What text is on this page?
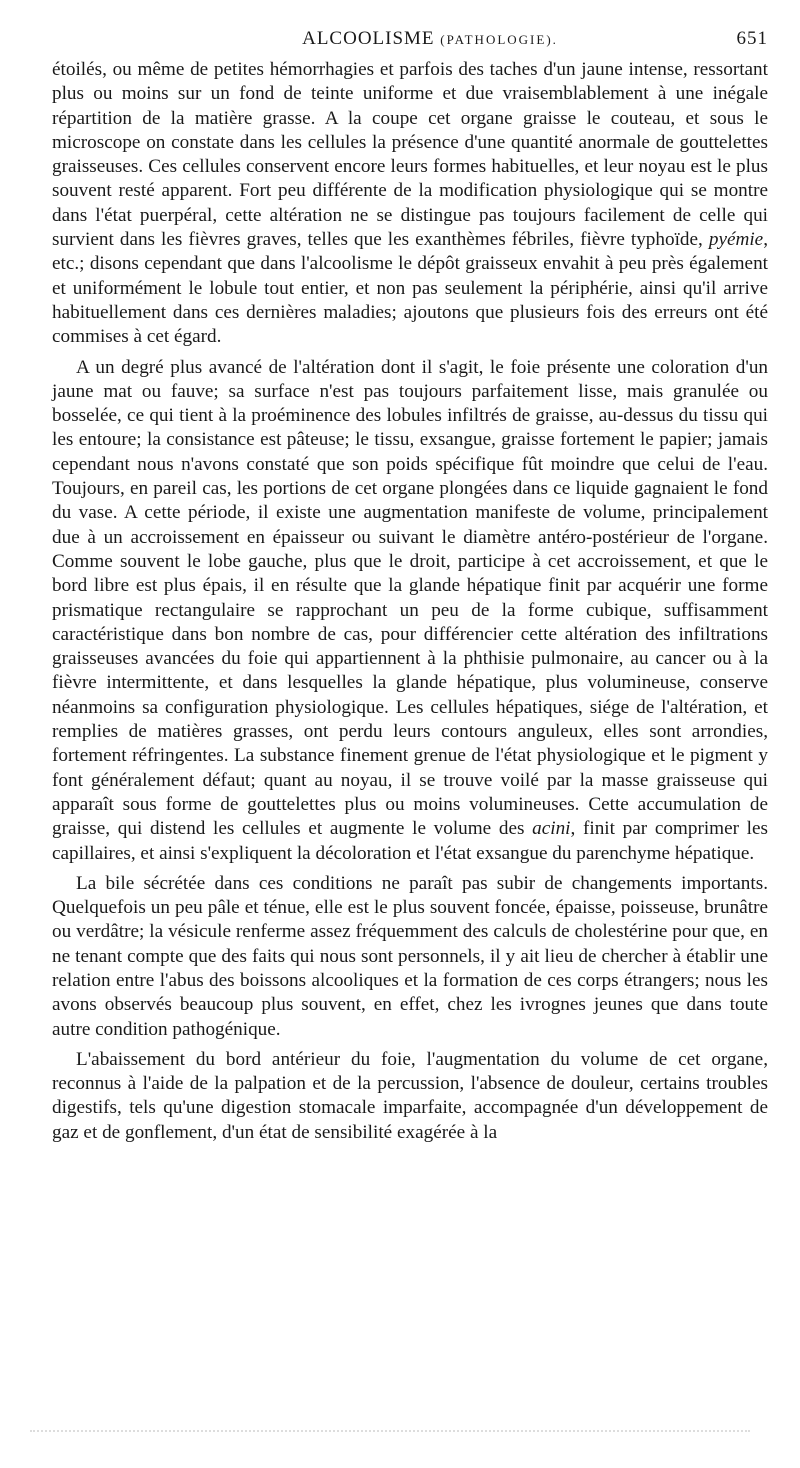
ALCOOLISME (PATHOLOGIE).	651

étoilés, ou même de petites hémorrhagies et parfois des taches d'un jaune intense, ressortant plus ou moins sur un fond de teinte uniforme et due vraisemblablement à une inégale répartition de la matière grasse. A la coupe cet organe graisse le couteau, et sous le microscope on constate dans les cellules la présence d'une quantité anormale de gouttelettes graisseuses. Ces cellules conservent encore leurs formes habituelles, et leur noyau est le plus souvent resté apparent. Fort peu différente de la modification physiologique qui se montre dans l'état puerpéral, cette altération ne se distingue pas toujours facilement de celle qui survient dans les fièvres graves, telles que les exanthèmes fébriles, fièvre typhoïde, pyémie, etc.; disons cependant que dans l'alcoolisme le dépôt graisseux envahit à peu près également et uniformément le lobule tout entier, et non pas seulement la périphérie, ainsi qu'il arrive habituellement dans ces dernières maladies; ajoutons que plusieurs fois des erreurs ont été commises à cet égard.

A un degré plus avancé de l'altération dont il s'agit, le foie présente une coloration d'un jaune mat ou fauve; sa surface n'est pas toujours parfaitement lisse, mais granulée ou bosselée, ce qui tient à la proéminence des lobules infiltrés de graisse, au-dessus du tissu qui les entoure; la consistance est pâteuse; le tissu, exsangue, graisse fortement le papier; jamais cependant nous n'avons constaté que son poids spécifique fût moindre que celui de l'eau. Toujours, en pareil cas, les portions de cet organe plongées dans ce liquide gagnaient le fond du vase. A cette période, il existe une augmentation manifeste de volume, principalement due à un accroissement en épaisseur ou suivant le diamètre antéro-postérieur de l'organe. Comme souvent le lobe gauche, plus que le droit, participe à cet accroissement, et que le bord libre est plus épais, il en résulte que la glande hépatique finit par acquérir une forme prismatique rectangulaire se rapprochant un peu de la forme cubique, suffisamment caractéristique dans bon nombre de cas, pour différencier cette altération des infiltrations graisseuses avancées du foie qui appartiennent à la phthisie pulmonaire, au cancer ou à la fièvre intermittente, et dans lesquelles la glande hépatique, plus volumineuse, conserve néanmoins sa configuration physiologique. Les cellules hépatiques, siége de l'altération, et remplies de matières grasses, ont perdu leurs contours anguleux, elles sont arrondies, fortement réfringentes. La substance finement grenue de l'état physiologique et le pigment y font généralement défaut; quant au noyau, il se trouve voilé par la masse graisseuse qui apparaît sous forme de gouttelettes plus ou moins volumineuses. Cette accumulation de graisse, qui distend les cellules et augmente le volume des acini, finit par comprimer les capillaires, et ainsi s'expliquent la décoloration et l'état exsangue du parenchyme hépatique.

La bile sécrétée dans ces conditions ne paraît pas subir de changements importants. Quelquefois un peu pâle et ténue, elle est le plus souvent foncée, épaisse, poisseuse, brunâtre ou verdâtre; la vésicule renferme assez fréquemment des calculs de cholestérine pour que, en ne tenant compte que des faits qui nous sont personnels, il y ait lieu de chercher à établir une relation entre l'abus des boissons alcooliques et la formation de ces corps étrangers; nous les avons observés beaucoup plus souvent, en effet, chez les ivrognes jeunes que dans toute autre condition pathogénique.

L'abaissement du bord antérieur du foie, l'augmentation du volume de cet organe, reconnus à l'aide de la palpation et de la percussion, l'absence de douleur, certains troubles digestifs, tels qu'une digestion stomacale imparfaite, accompagnée d'un développement de gaz et de gonflement, d'un état de sensibilité exagérée à la
